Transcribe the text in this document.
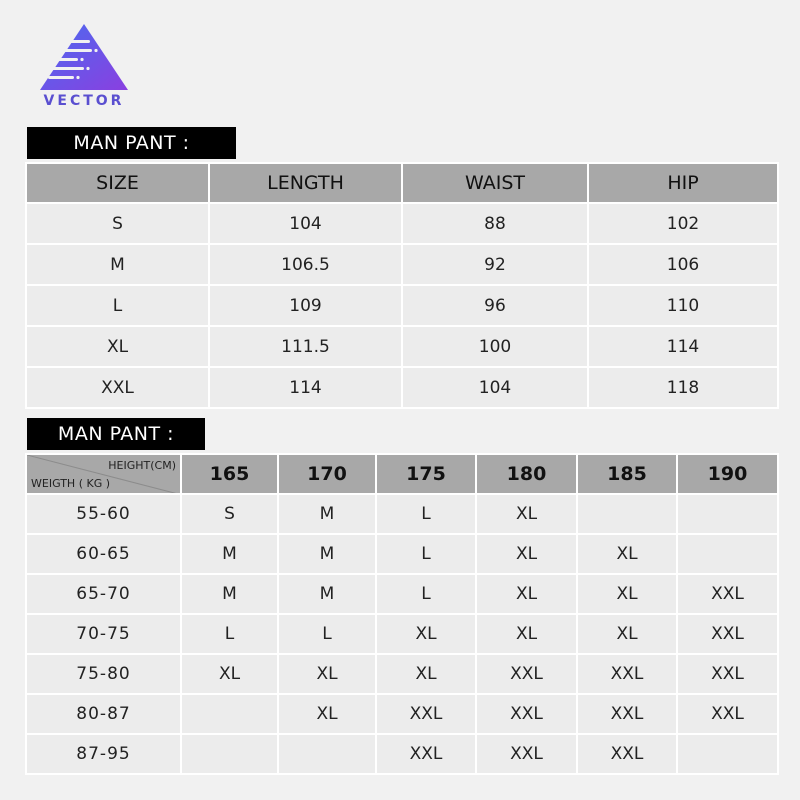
VECTOR
MAN PANT :
SIZE	LENGTH	WAIST	HIP
S	104	88	102
M	106.5	92	106
L	109	96	110
XL	111.5	100	114
XXL	114	104	118
MAN PANT :
HEIGHT(CM)
WEIGTH ( KG )	165	170	175	180	185	190
55-60	S	M	L	XL		
60-65	M	M	L	XL	XL	
65-70	M	M	L	XL	XL	XXL
70-75	L	L	XL	XL	XL	XXL
75-80	XL	XL	XL	XXL	XXL	XXL
80-87		XL	XXL	XXL	XXL	XXL
87-95			XXL	XXL	XXL	
